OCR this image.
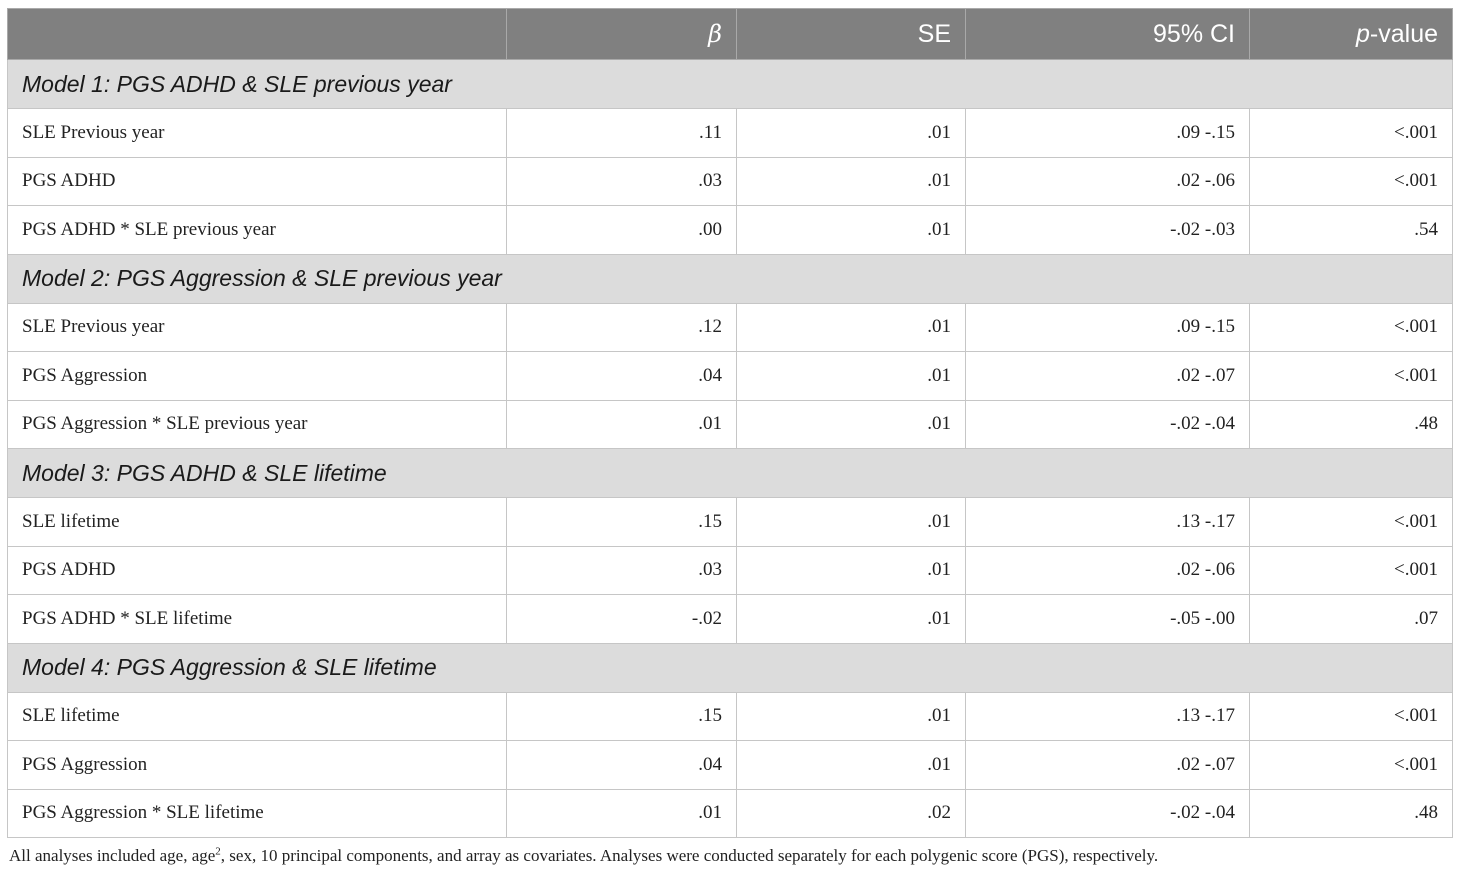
	β	SE	95% CI	p-value
Model 1: PGS ADHD & SLE previous year				
SLE Previous year	.11	.01	.09 -.15	<.001
PGS ADHD	.03	.01	.02 -.06	<.001
PGS ADHD * SLE previous year	.00	.01	-.02 -.03	.54
Model 2: PGS Aggression & SLE previous year				
SLE Previous year	.12	.01	.09 -.15	<.001
PGS Aggression	.04	.01	.02 -.07	<.001
PGS Aggression * SLE previous year	.01	.01	-.02 -.04	.48
Model 3: PGS ADHD & SLE lifetime				
SLE lifetime	.15	.01	.13 -.17	<.001
PGS ADHD	.03	.01	.02 -.06	<.001
PGS ADHD * SLE lifetime	-.02	.01	-.05 -.00	.07
Model 4: PGS Aggression & SLE lifetime				
SLE lifetime	.15	.01	.13 -.17	<.001
PGS Aggression	.04	.01	.02 -.07	<.001
PGS Aggression * SLE lifetime	.01	.02	-.02 -.04	.48
All analyses included age, age$^2$, sex, 10 principal components, and array as covariates. Analyses were conducted separately for each polygenic score (PGS), respectively.
